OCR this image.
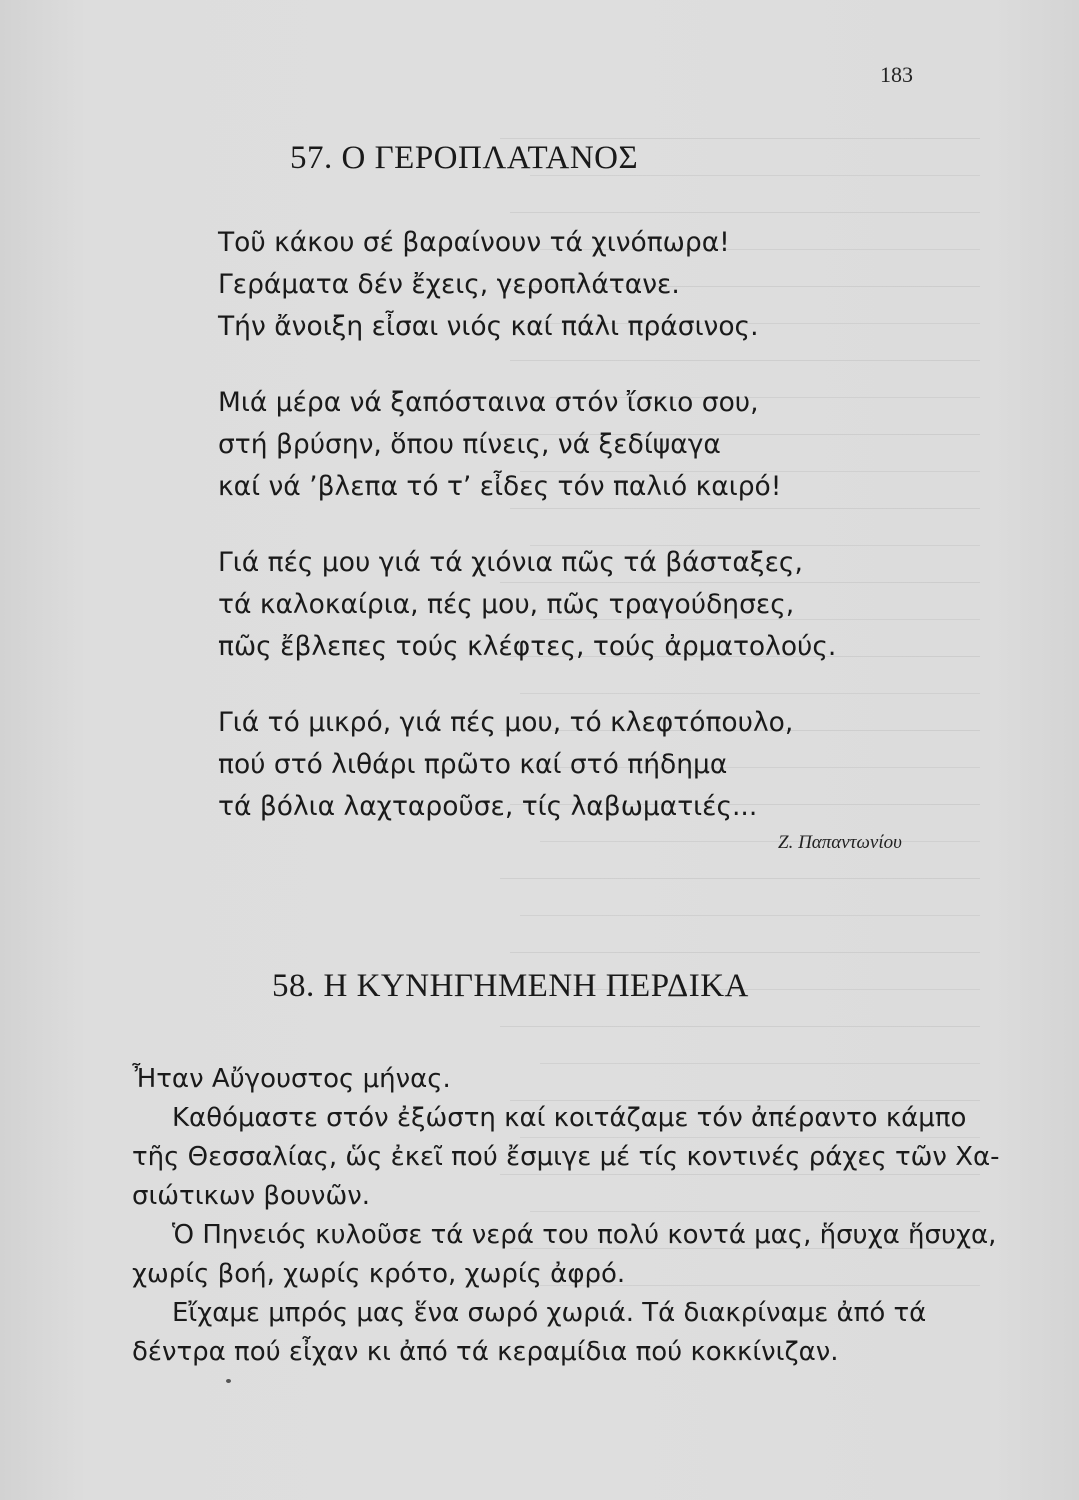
183
57. Ο ΓΕΡΟΠΛΑΤΑΝΟΣ
Τοῦ κάκου σέ βαραίνουν τά χινόπωρα!
Γεράματα δέν ἔχεις, γεροπλάτανε.
Τήν ἄνοιξη εἶσαι νιός καί πάλι πράσινος.
Μιά μέρα νά ξαπόσταινα στόν ἴσκιο σου,
στή βρύσην, ὅπου πίνεις, νά ξεδίψαγα
καί νά ’βλεπα τό τ’ εἶδες τόν παλιό καιρό!
Γιά πές μου γιά τά χιόνια πῶς τά βάσταξες,
τά καλοκαίρια, πές μου, πῶς τραγούδησες,
πῶς ἔβλεπες τούς κλέφτες, τούς ἀρματολούς.
Γιά τό μικρό, γιά πές μου, τό κλεφτόπουλο,
πού στό λιθάρι πρῶτο καί στό πήδημα
τά βόλια λαχταροῦσε, τίς λαβωματιές...
Ζ. Παπαντωνίου
58. Η ΚΥΝΗΓΗΜΕΝΗ ΠΕΡΔΙΚΑ
Ἦταν Αὔγουστος μήνας.
Καθόμαστε στόν ἐξώστη καί κοιτάζαμε τόν ἀπέραντο κάμπο
τῆς Θεσσαλίας, ὥς ἐκεῖ πού ἔσμιγε μέ τίς κοντινές ράχες τῶν Χα-
σιώτικων βουνῶν.
Ὁ Πηνειός κυλοῦσε τά νερά του πολύ κοντά μας, ἥσυχα ἥσυχα,
χωρίς βοή, χωρίς κρότο, χωρίς ἀφρό.
Εἴχαμε μπρός μας ἕνα σωρό χωριά. Τά διακρίναμε ἀπό τά
δέντρα πού εἶχαν κι ἀπό τά κεραμίδια πού κοκκίνιζαν.
